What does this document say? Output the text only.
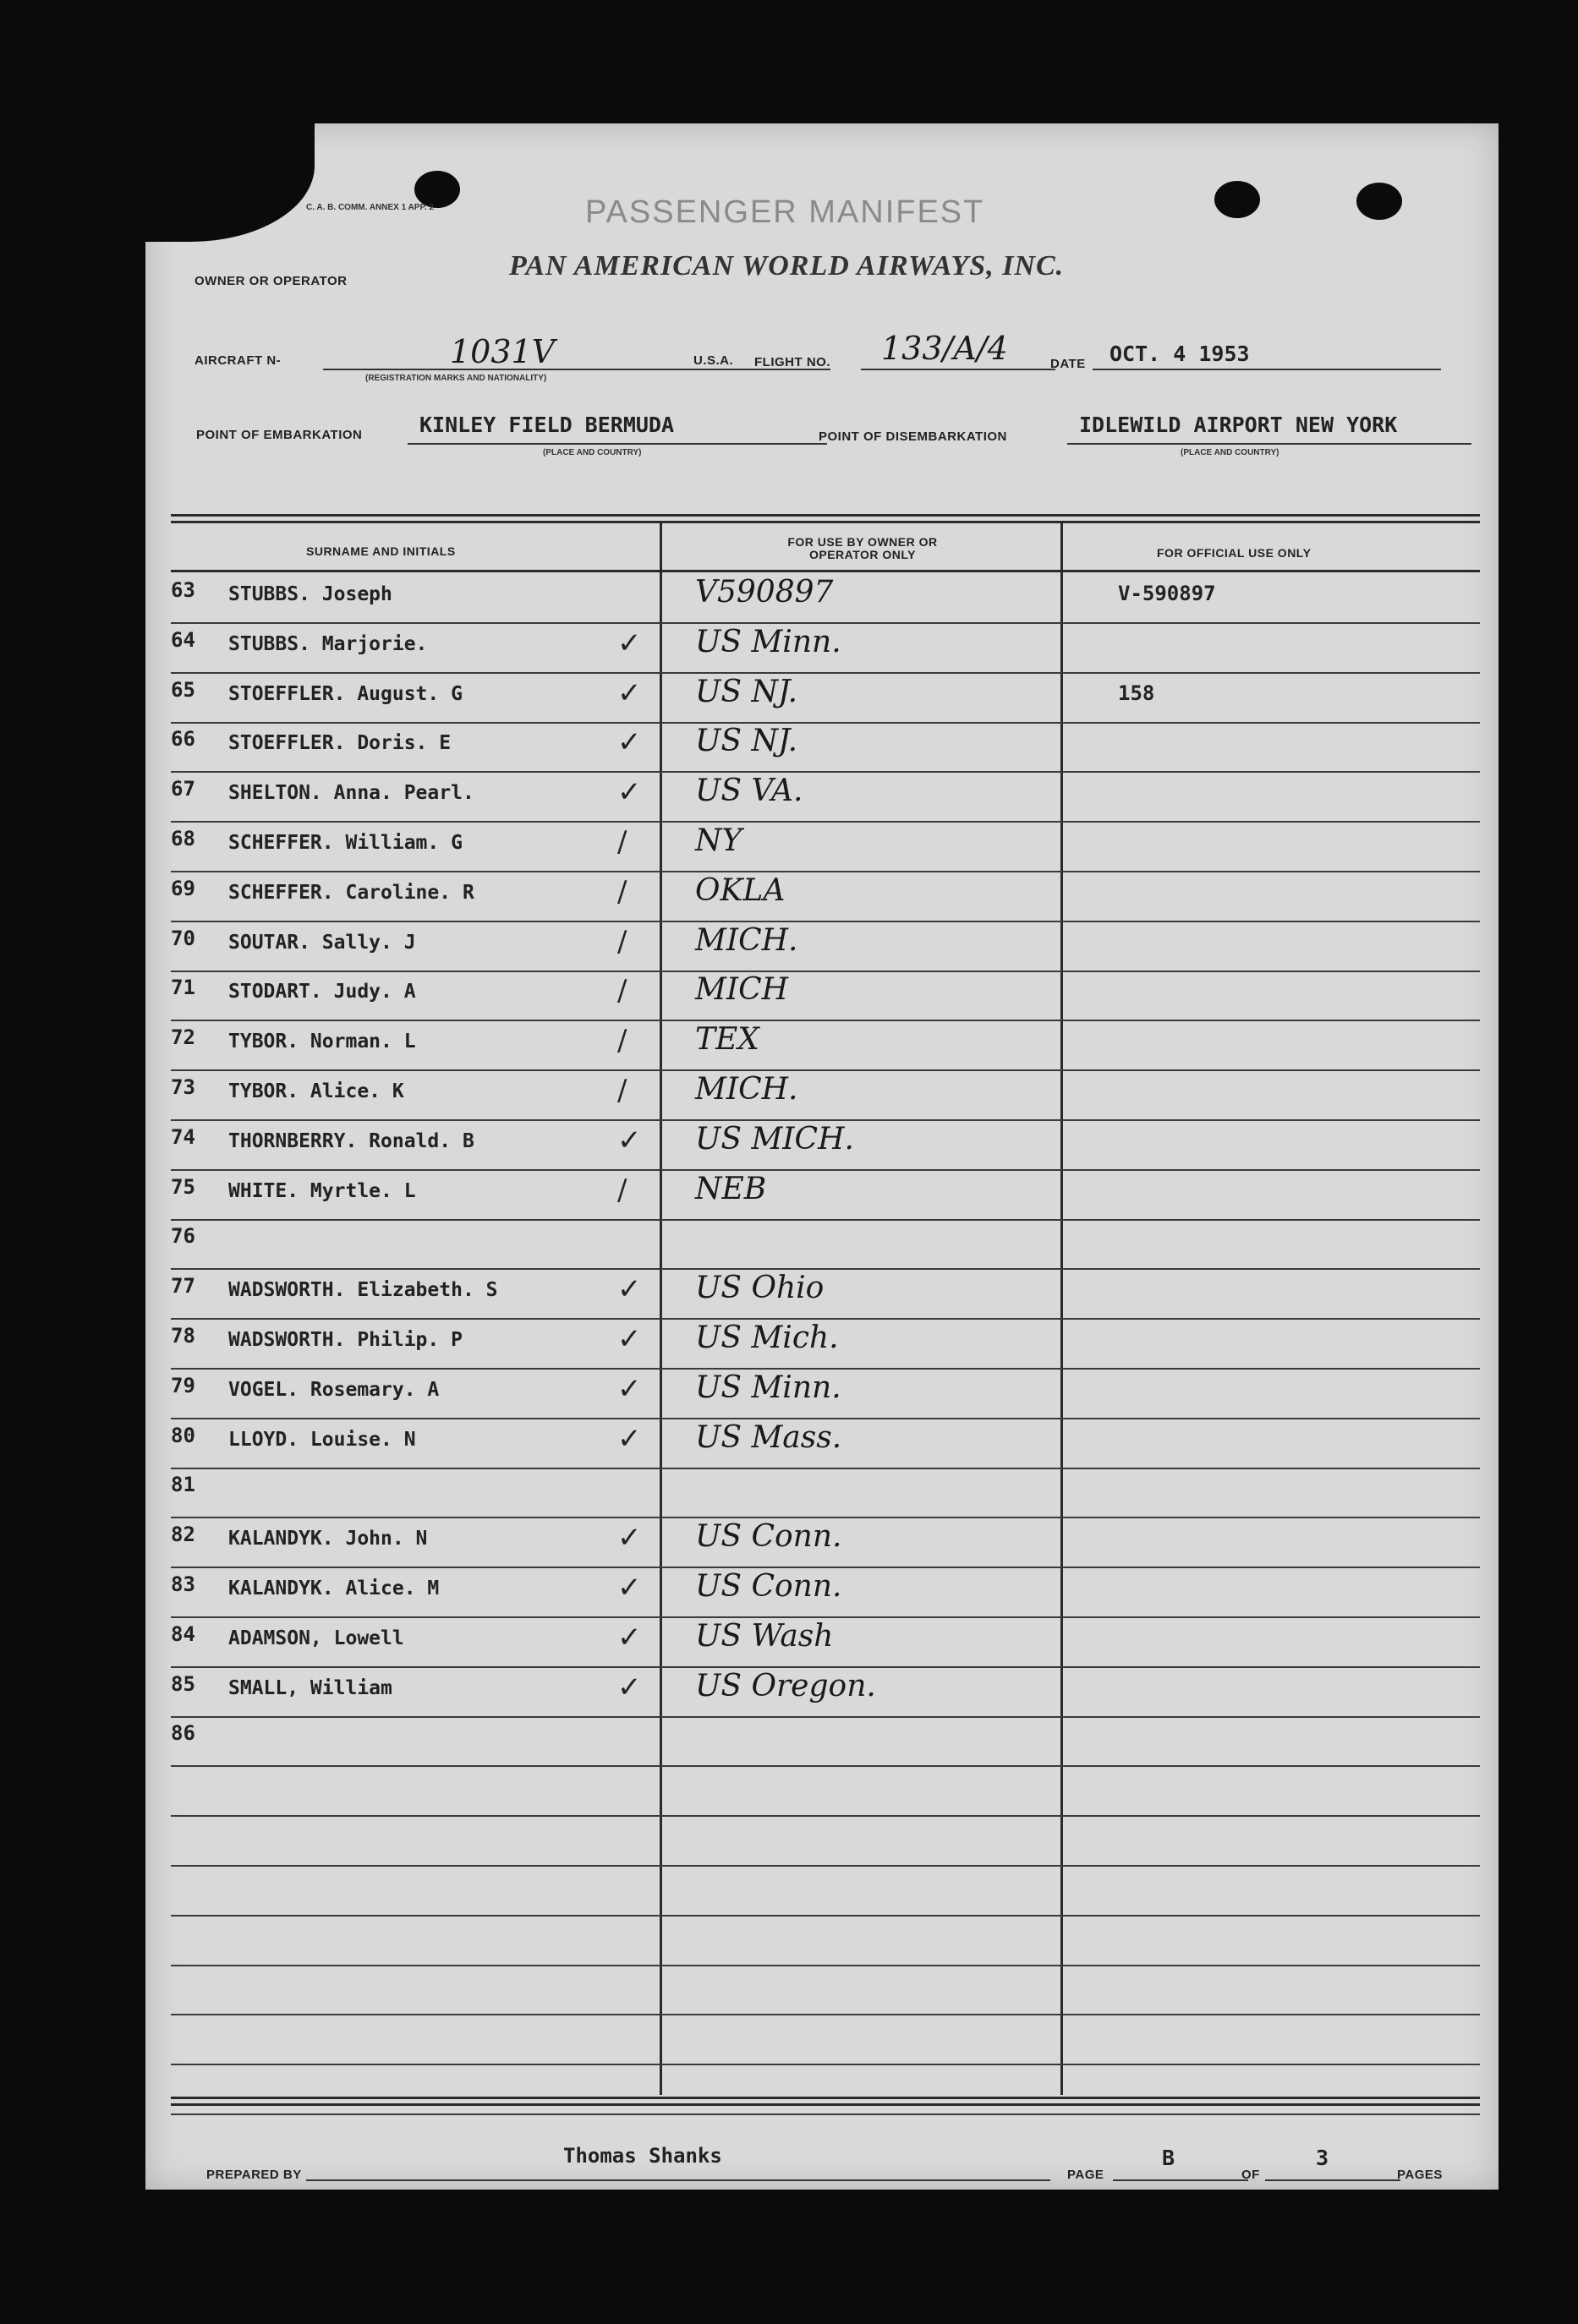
C. A. B. COMM. ANNEX 1 APP. 2	PASSENGER MANIFEST
OWNER OR OPERATOR	PAN AMERICAN WORLD AIRWAYS, INC.
AIRCRAFT N-	1031V
(REGISTRATION MARKS AND NATIONALITY)
U.S.A. FLIGHT NO. 133/A/4	DATE OCT. 4 1953
POINT OF EMBARKATION	KINLEY FIELD BERMUDA
(PLACE AND COUNTRY)
POINT OF DISEMBARKATION	IDLEWILD AIRPORT NEW YORK
(PLACE AND COUNTRY)
SURNAME AND INITIALS
FOR USE BY OWNER OR OPERATOR ONLY	FOR OFFICIAL USE ONLY
63	STUBBS. Joseph	V590897	V-590897
64	STUBBS. Marjorie.	✓ US Minn.
65	STOEFFLER. August. G	✓ US NJ.	158
66	STOEFFLER. Doris. E	✓ US NJ.
67	SHELTON. Anna. Pearl.	✓ US VA.
68	SCHEFFER. William. G	/ NY
69	SCHEFFER. Caroline. R	/ OKLA
70	SOUTAR. Sally. J	/ MICH.
71	STODART. Judy. A	/ MICH
72	TYBOR. Norman. L	/ TEX
73	TYBOR. Alice. K	/ MICH.
74	THORNBERRY. Ronald. B	✓ US MICH.
75	WHITE. Myrtle. L	/ NEB
76
77	WADSWORTH. Elizabeth. S	✓ US Ohio
78	WADSWORTH. Philip. P	✓ US Mich.
79	VOGEL. Rosemary. A	✓ US Minn.
80	LLOYD. Louise. N	✓ US Mass.
81
82	KALANDYK. John. N	✓ US Conn.
83	KALANDYK. Alice. M	✓ US Conn.
84	ADAMSON, Lowell	✓ US Wash
85	SMALL, William	✓ US Oregon.
86
PREPARED BY
Thomas Shanks
PAGE
B
OF
3
PAGES
